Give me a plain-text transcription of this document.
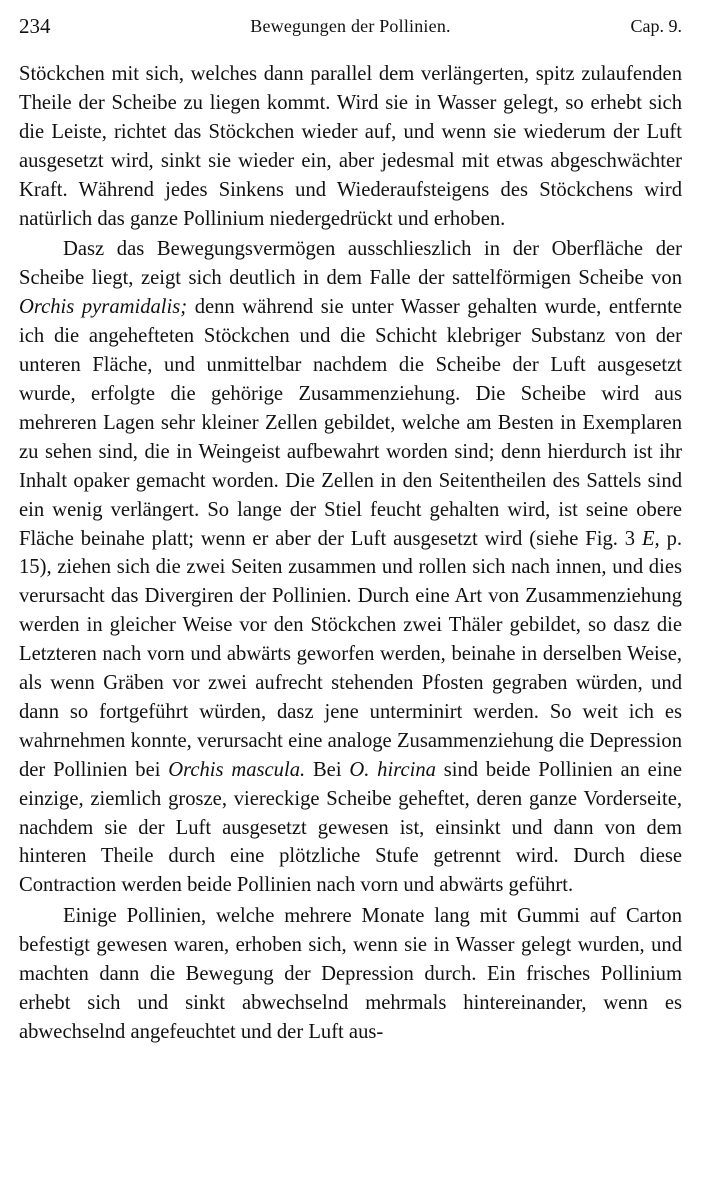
234	Bewegungen der Pollinien.	Cap. 9.

Stöckchen mit sich, welches dann parallel dem verlängerten, spitz zulaufenden Theile der Scheibe zu liegen kommt. Wird sie in Wasser gelegt, so erhebt sich die Leiste, richtet das Stöckchen wieder auf, und wenn sie wiederum der Luft ausgesetzt wird, sinkt sie wieder ein, aber jedesmal mit etwas abgeschwächter Kraft. Während jedes Sinkens und Wiederaufsteigens des Stöckchens wird natürlich das ganze Pollinium niedergedrückt und erhoben.

Dasz das Bewegungsvermögen ausschlieszlich in der Oberfläche der Scheibe liegt, zeigt sich deutlich in dem Falle der sattelförmigen Scheibe von Orchis pyramidalis; denn während sie unter Wasser gehalten wurde, entfernte ich die angehefteten Stöckchen und die Schicht klebriger Substanz von der unteren Fläche, und unmittelbar nachdem die Scheibe der Luft ausgesetzt wurde, erfolgte die gehörige Zusammenziehung. Die Scheibe wird aus mehreren Lagen sehr kleiner Zellen gebildet, welche am Besten in Exemplaren zu sehen sind, die in Weingeist aufbewahrt worden sind; denn hierdurch ist ihr Inhalt opaker gemacht worden. Die Zellen in den Seitentheilen des Sattels sind ein wenig verlängert. So lange der Stiel feucht gehalten wird, ist seine obere Fläche beinahe platt; wenn er aber der Luft ausgesetzt wird (siehe Fig. 3 E, p. 15), ziehen sich die zwei Seiten zusammen und rollen sich nach innen, und dies verursacht das Divergiren der Pollinien. Durch eine Art von Zusammenziehung werden in gleicher Weise vor den Stöckchen zwei Thäler gebildet, so dasz die Letzteren nach vorn und abwärts geworfen werden, beinahe in derselben Weise, als wenn Gräben vor zwei aufrecht stehenden Pfosten gegraben würden, und dann so fortgeführt würden, dasz jene unterminirt werden. So weit ich es wahrnehmen konnte, verursacht eine analoge Zusammenziehung die Depression der Pollinien bei Orchis mascula. Bei O. hircina sind beide Pollinien an eine einzige, ziemlich grosze, viereckige Scheibe geheftet, deren ganze Vorderseite, nachdem sie der Luft ausgesetzt gewesen ist, einsinkt und dann von dem hinteren Theile durch eine plötzliche Stufe getrennt wird. Durch diese Contraction werden beide Pollinien nach vorn und abwärts geführt.

Einige Pollinien, welche mehrere Monate lang mit Gummi auf Carton befestigt gewesen waren, erhoben sich, wenn sie in Wasser gelegt wurden, und machten dann die Bewegung der Depression durch. Ein frisches Pollinium erhebt sich und sinkt abwechselnd mehrmals hintereinander, wenn es abwechselnd angefeuchtet und der Luft aus-
